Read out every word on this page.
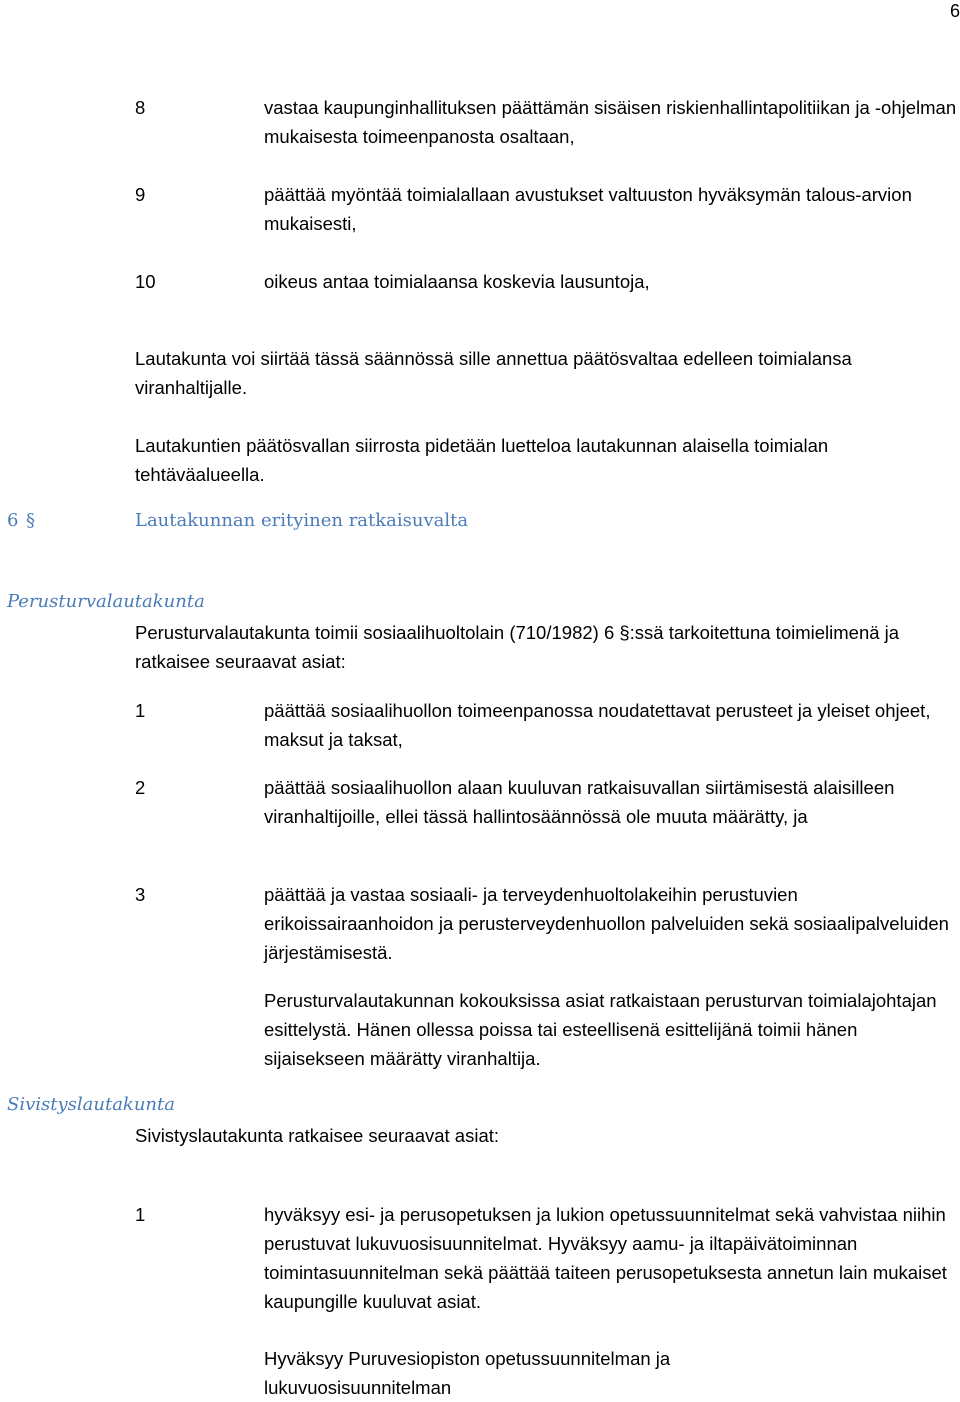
6
8	vastaa kaupunginhallituksen päättämän sisäisen riskienhallintapolitiikan ja -ohjelman mukaisesta toimeenpanosta osaltaan,
9	päättää myöntää toimialallaan avustukset valtuuston hyväksymän talous-arvion mukaisesti,
10	oikeus antaa toimialaansa koskevia lausuntoja,
Lautakunta voi siirtää tässä säännössä sille annettua päätösvaltaa edelleen toimialansa viranhaltijalle.
Lautakuntien päätösvallan siirrosta pidetään luetteloa lautakunnan alaisella toimialan tehtäväalueella.
6 §	Lautakunnan erityinen ratkaisuvalta
Perusturvalautakunta
Perusturvalautakunta toimii sosiaalihuoltolain (710/1982) 6 §:ssä tarkoitettuna toimielimenä ja ratkaisee seuraavat asiat:
1	päättää sosiaalihuollon toimeenpanossa noudatettavat perusteet ja yleiset ohjeet, maksut ja taksat,
2	päättää sosiaalihuollon alaan kuuluvan ratkaisuvallan siirtämisestä alaisilleen viranhaltijoille, ellei tässä hallintosäännössä ole muuta määrätty, ja
3	päättää ja vastaa sosiaali- ja terveydenhuoltolakeihin perustuvien erikoissairaanhoidon ja perusterveydenhuollon palveluiden sekä sosiaalipalveluiden järjestämisestä.
Perusturvalautakunnan kokouksissa asiat ratkaistaan perusturvan toimialajohtajan esittelystä. Hänen ollessa poissa tai esteellisenä esittelijänä toimii hänen sijaisekseen määrätty viranhaltija.
Sivistyslautakunta
Sivistyslautakunta ratkaisee seuraavat asiat:
1	hyväksyy esi- ja perusopetuksen ja lukion opetussuunnitelmat sekä vahvistaa niihin perustuvat lukuvuosisuunnitelmat. Hyväksyy aamu- ja iltapäivätoiminnan toimintasuunnitelman sekä päättää taiteen perusopetuksesta annetun lain mukaiset kaupungille kuuluvat asiat.
Hyväksyy Puruvesiopiston opetussuunnitelman ja lukuvuosisuunnitelman
